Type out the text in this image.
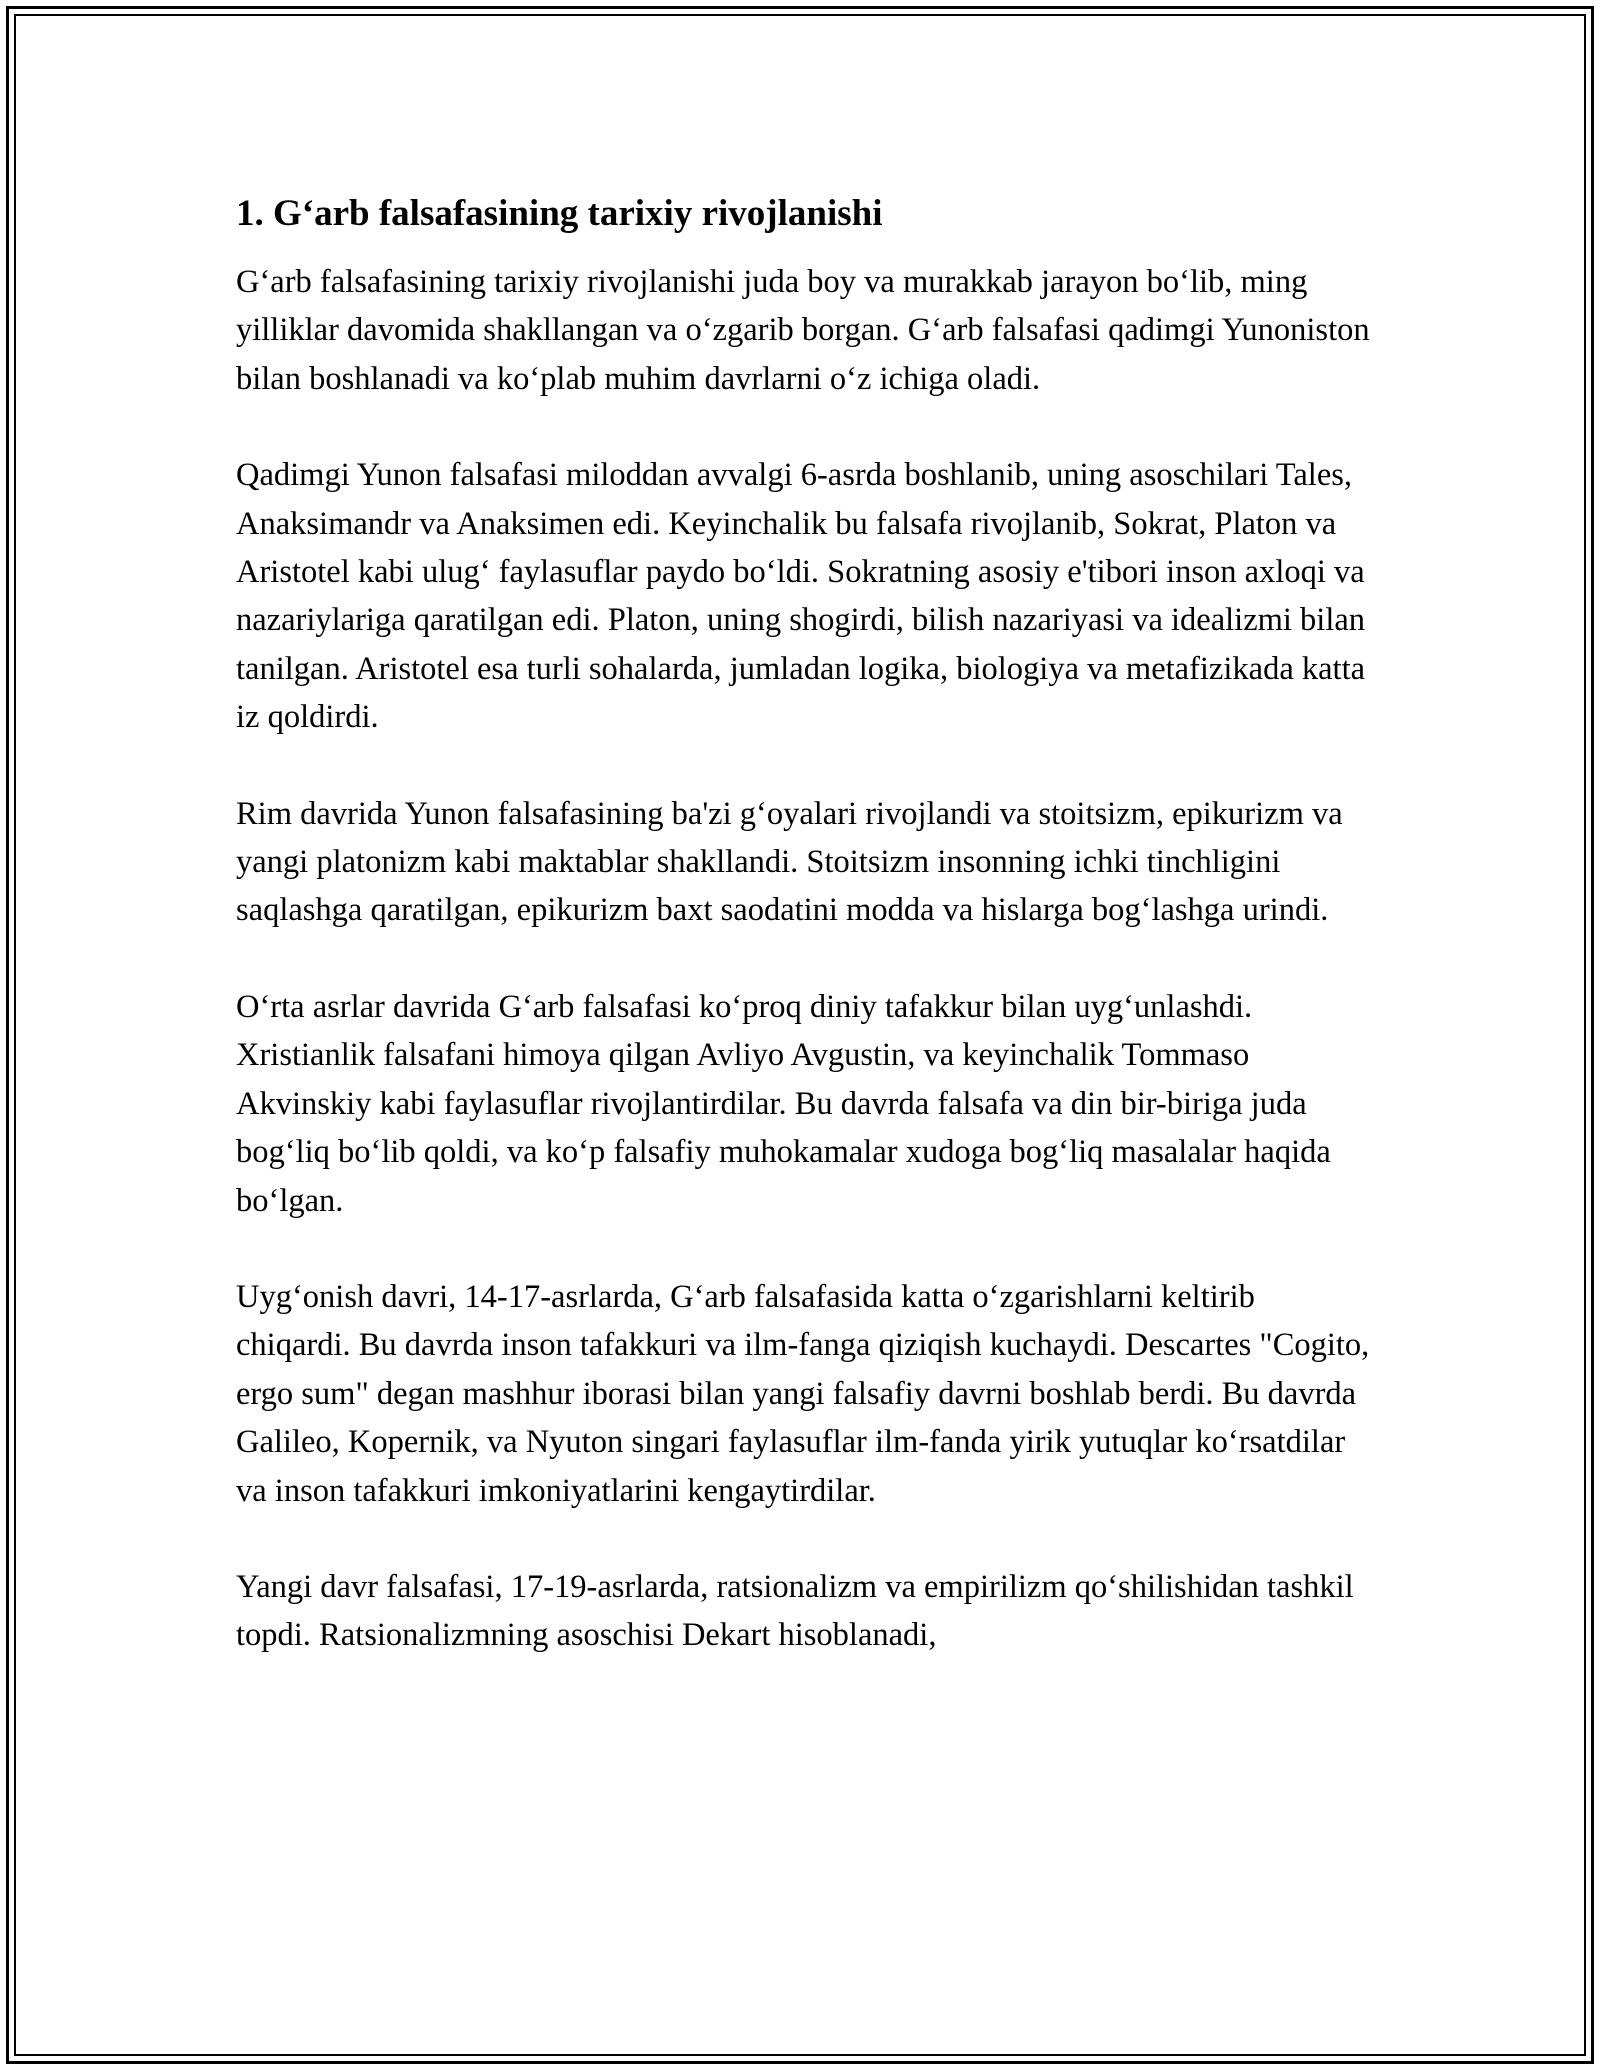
1. G‘arb falsafasining tarixiy rivojlanishi

G‘arb falsafasining tarixiy rivojlanishi juda boy va murakkab jarayon bo‘lib, ming yilliklar davomida shakllangan va o‘zgarib borgan. G‘arb falsafasi qadimgi Yunoniston bilan boshlanadi va ko‘plab muhim davrlarni o‘z ichiga oladi.

Qadimgi Yunon falsafasi miloddan avvalgi 6-asrda boshlanib, uning asoschilari Tales, Anaksimandr va Anaksimen edi. Keyinchalik bu falsafa rivojlanib, Sokrat, Platon va Aristotel kabi ulug‘ faylasuflar paydo bo‘ldi. Sokratning asosiy e'tibori inson axloqi va nazariylariga qaratilgan edi. Platon, uning shogirdi, bilish nazariyasi va idealizmi bilan tanilgan. Aristotel esa turli sohalarda, jumladan logika, biologiya va metafizikada katta iz qoldirdi.

Rim davrida Yunon falsafasining ba'zi g‘oyalari rivojlandi va stoitsizm, epikurizm va yangi platonizm kabi maktablar shakllandi. Stoitsizm insonning ichki tinchligini saqlashga qaratilgan, epikurizm baxt saodatini modda va hislarga bog‘lashga urindi.

O‘rta asrlar davrida G‘arb falsafasi ko‘proq diniy tafakkur bilan uyg‘unlashdi. Xristianlik falsafani himoya qilgan Avliyo Avgustin, va keyinchalik Tommaso Akvinskiy kabi faylasuflar rivojlantirdilar. Bu davrda falsafa va din bir-biriga juda bog‘liq bo‘lib qoldi, va ko‘p falsafiy muhokamalar xudoga bog‘liq masalalar haqida bo‘lgan.

Uyg‘onish davri, 14-17-asrlarda, G‘arb falsafasida katta o‘zgarishlarni keltirib chiqardi. Bu davrda inson tafakkuri va ilm-fanga qiziqish kuchaydi. Descartes "Cogito, ergo sum" degan mashhur iborasi bilan yangi falsafiy davrni boshlab berdi. Bu davrda Galileo, Kopernik, va Nyuton singari faylasuflar ilm-fanda yirik yutuqlar ko‘rsatdilar va inson tafakkuri imkoniyatlarini kengaytirdilar.

Yangi davr falsafasi, 17-19-asrlarda, ratsionalizm va empirilizm qo‘shilishidan tashkil topdi. Ratsionalizmning asoschisi Dekart hisoblanadi,
